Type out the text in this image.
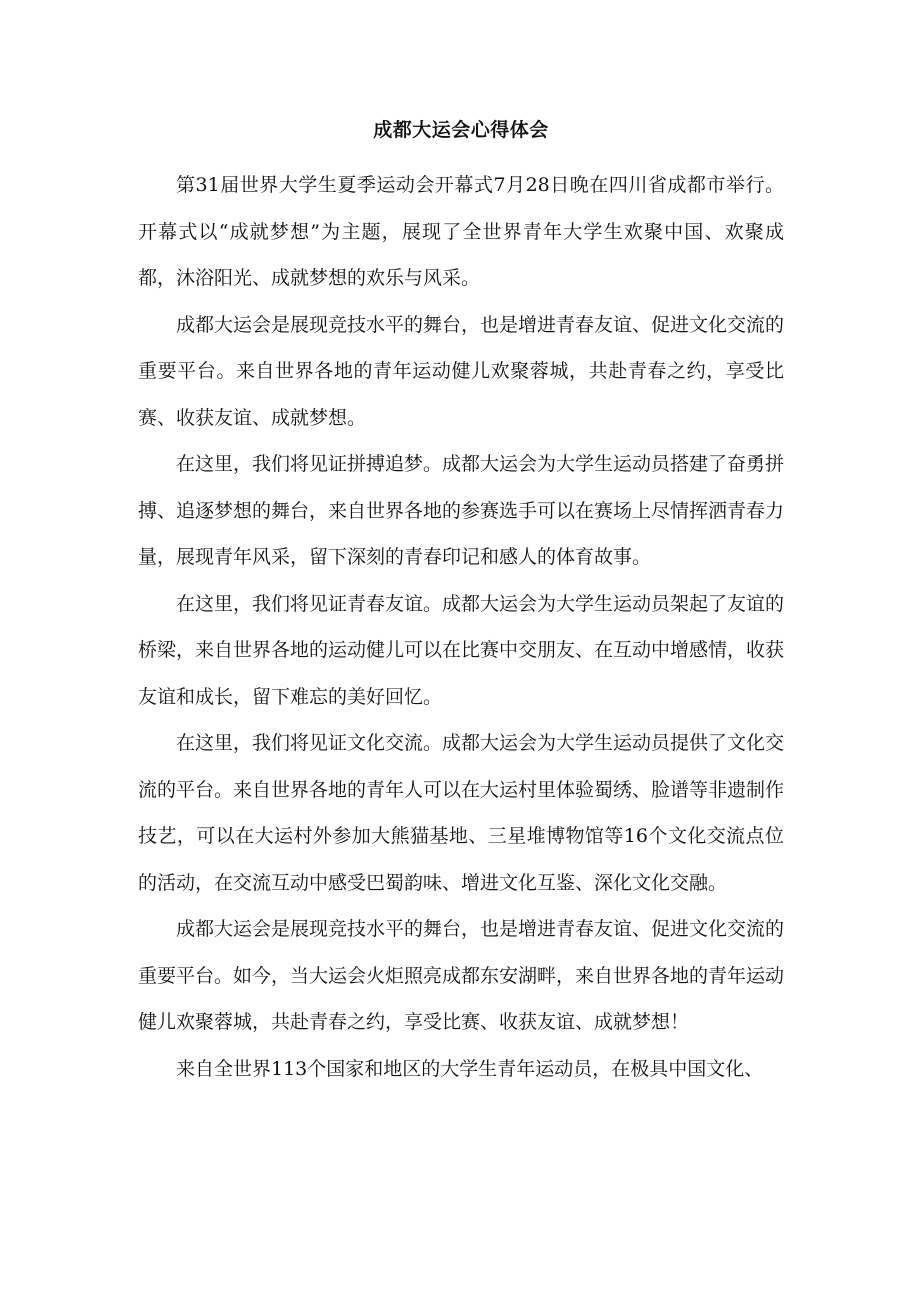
成都大运会心得体会

第31届世界大学生夏季运动会开幕式7月28日晚在四川省成都市举行。开幕式以“成就梦想”为主题，展现了全世界青年大学生欢聚中国、欢聚成都，沐浴阳光、成就梦想的欢乐与风采。

成都大运会是展现竞技水平的舞台，也是增进青春友谊、促进文化交流的重要平台。来自世界各地的青年运动健儿欢聚蓉城，共赴青春之约，享受比赛、收获友谊、成就梦想。

在这里，我们将见证拼搏追梦。成都大运会为大学生运动员搭建了奋勇拼搏、追逐梦想的舞台，来自世界各地的参赛选手可以在赛场上尽情挥洒青春力量，展现青年风采，留下深刻的青春印记和感人的体育故事。

在这里，我们将见证青春友谊。成都大运会为大学生运动员架起了友谊的桥梁，来自世界各地的运动健儿可以在比赛中交朋友、在互动中增感情，收获友谊和成长，留下难忘的美好回忆。

在这里，我们将见证文化交流。成都大运会为大学生运动员提供了文化交流的平台。来自世界各地的青年人可以在大运村里体验蜀绣、脸谱等非遗制作技艺，可以在大运村外参加大熊猫基地、三星堆博物馆等16个文化交流点位的活动，在交流互动中感受巴蜀韵味、增进文化互鉴、深化文化交融。

成都大运会是展现竞技水平的舞台，也是增进青春友谊、促进文化交流的重要平台。如今，当大运会火炬照亮成都东安湖畔，来自世界各地的青年运动健儿欢聚蓉城，共赴青春之约，享受比赛、收获友谊、成就梦想！

来自全世界113个国家和地区的大学生青年运动员，在极具中国文化、
